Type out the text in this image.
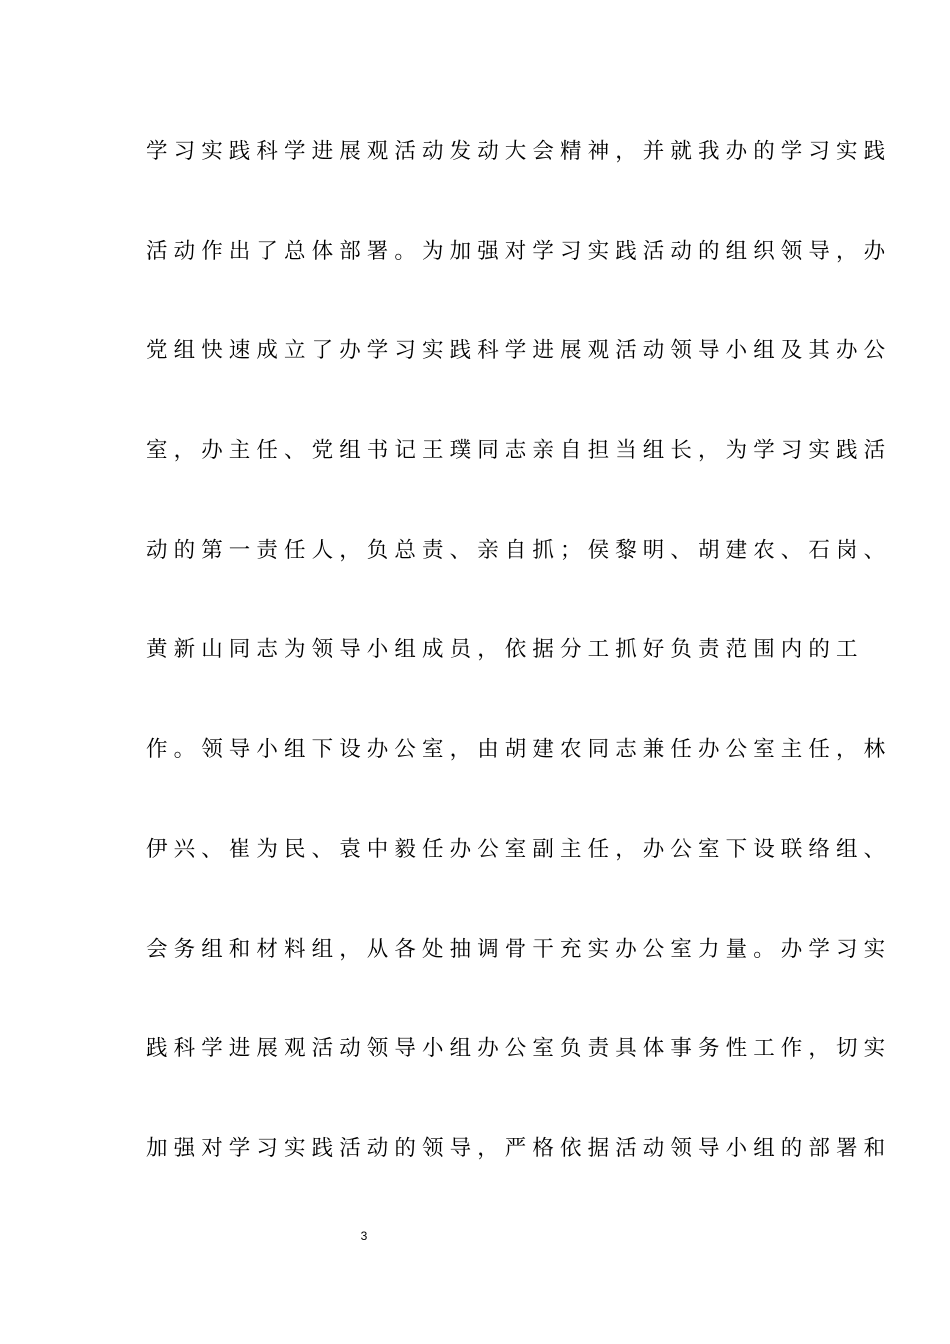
学习实践科学进展观活动发动大会精神，并就我办的学习实践
活动作出了总体部署。为加强对学习实践活动的组织领导，办
党组快速成立了办学习实践科学进展观活动领导小组及其办公
室，办主任、党组书记王璞同志亲自担当组长，为学习实践活
动的第一责任人，负总责、亲自抓；侯黎明、胡建农、石岗、
黄新山同志为领导小组成员，依据分工抓好负责范围内的工
作。领导小组下设办公室，由胡建农同志兼任办公室主任，林
伊兴、崔为民、袁中毅任办公室副主任，办公室下设联络组、
会务组和材料组，从各处抽调骨干充实办公室力量。办学习实
践科学进展观活动领导小组办公室负责具体事务性工作，切实
加强对学习实践活动的领导，严格依据活动领导小组的部署和
3
